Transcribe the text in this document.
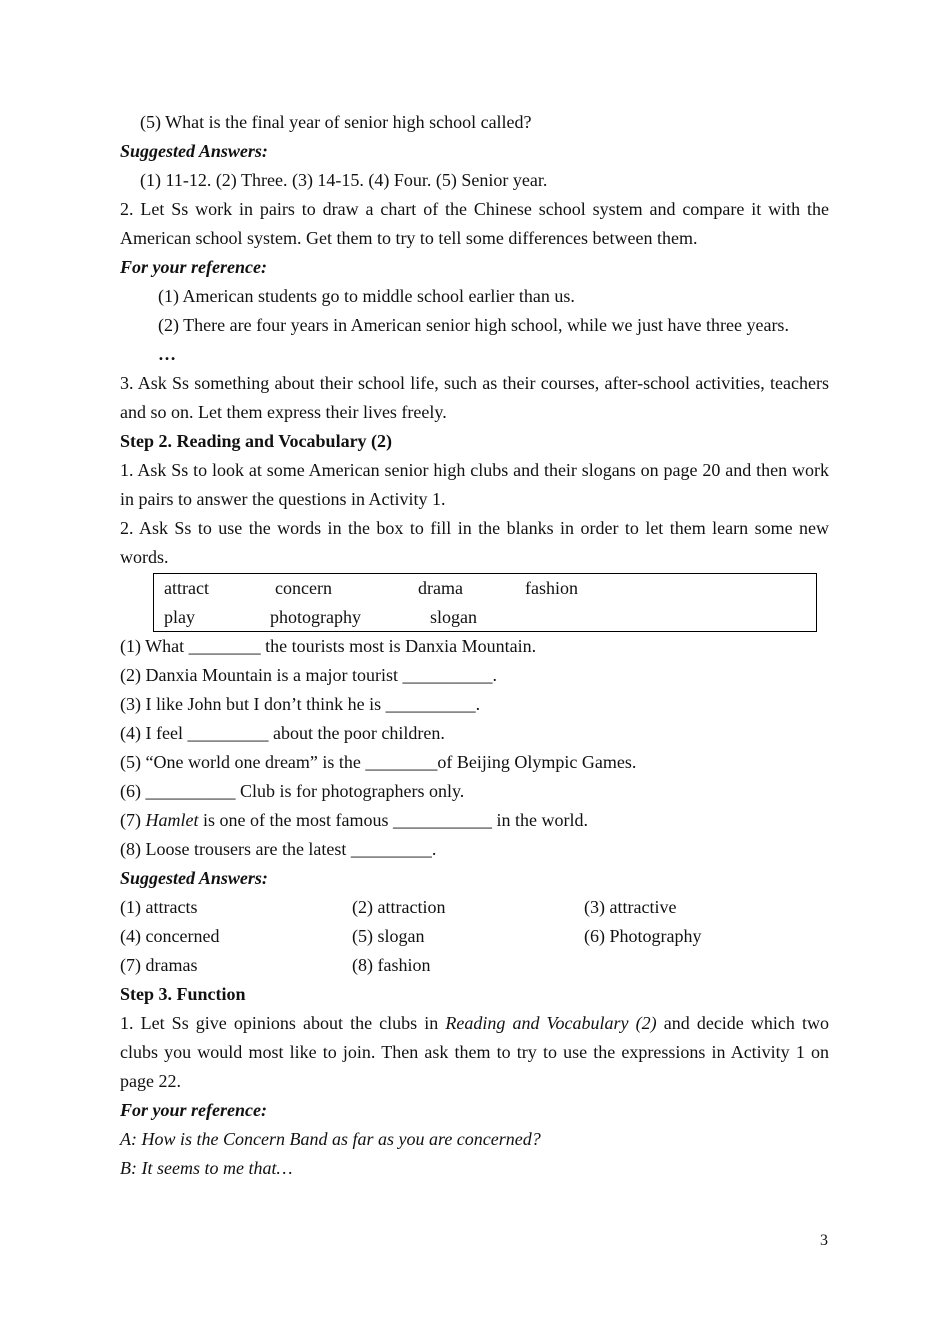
(5) What is the final year of senior high school called?
Suggested Answers:
(1) 11-12. (2) Three. (3) 14-15. (4) Four. (5) Senior year.
2. Let Ss work in pairs to draw a chart of the Chinese school system and compare it with the American school system. Get them to try to tell some differences between them.
For your reference:
(1) American students go to middle school earlier than us.
(2) There are four years in American senior high school, while we just have three years.
…
3. Ask Ss something about their school life, such as their courses, after-school activities, teachers and so on. Let them express their lives freely.
Step 2. Reading and Vocabulary (2)
1. Ask Ss to look at some American senior high clubs and their slogans on page 20 and then work in pairs to answer the questions in Activity 1.
2. Ask Ss to use the words in the box to fill in the blanks in order to let them learn some new words.
attract	concern	drama	fashion
play	photography	slogan
(1) What ________ the tourists most is Danxia Mountain.
(2) Danxia Mountain is a major tourist __________.
(3) I like John but I don’t think he is __________.
(4) I feel _________ about the poor children.
(5) “One world one dream” is the ________of Beijing Olympic Games.
(6) __________ Club is for photographers only.
(7) Hamlet is one of the most famous ___________ in the world.
(8) Loose trousers are the latest _________.
Suggested Answers:
(1) attracts	(2) attraction	(3) attractive
(4) concerned	(5) slogan	(6) Photography
(7) dramas	(8) fashion
Step 3. Function
1. Let Ss give opinions about the clubs in Reading and Vocabulary (2) and decide which two clubs you would most like to join. Then ask them to try to use the expressions in Activity 1 on page 22.
For your reference:
A: How is the Concern Band as far as you are concerned?
B: It seems to me that…
3
